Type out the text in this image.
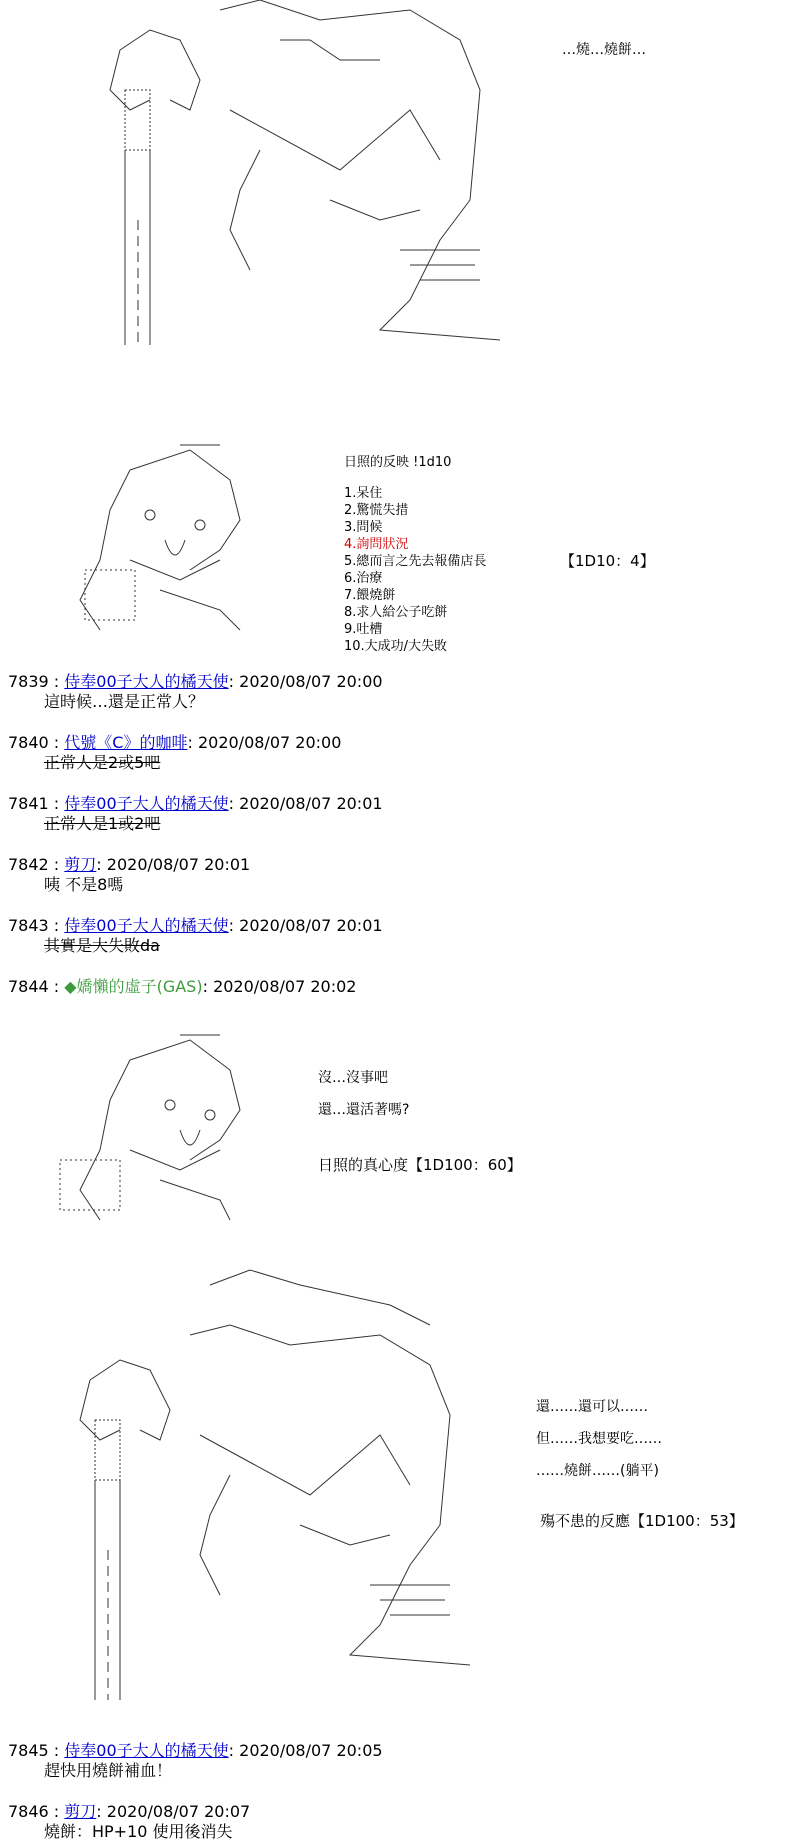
…燒…燒餅…
日照的反映 !1d10
1.呆住
2.驚慌失措
3.問候
4.詢問狀況
5.總而言之先去報備店長
6.治療
7.餵燒餅
8.求人給公子吃餅
9.吐槽
10.大成功/大失敗
【1D10：4】
7839 : 侍奉00子大人的橘天使: 2020/08/07 20:00
這時候…還是正常人？
7840 : 代號《C》的咖啡: 2020/08/07 20:00
正常人是2或5吧
7841 : 侍奉00子大人的橘天使: 2020/08/07 20:01
正常人是1或2吧
7842 : 剪刀: 2020/08/07 20:01
咦 不是8嗎
7843 : 侍奉00子大人的橘天使: 2020/08/07 20:01
其實是大失敗da
7844 : ◆嬌懶的虛子(GAS): 2020/08/07 20:02
沒…沒事吧
還…還活著嗎?
日照的真心度【1D100：60】
還……還可以……
但……我想要吃……
……燒餅……(躺平)
殤不患的反應【1D100：53】
7845 : 侍奉00子大人的橘天使: 2020/08/07 20:05
趕快用燒餅補血！
7846 : 剪刀: 2020/08/07 20:07
燒餅：HP+10 使用後消失
